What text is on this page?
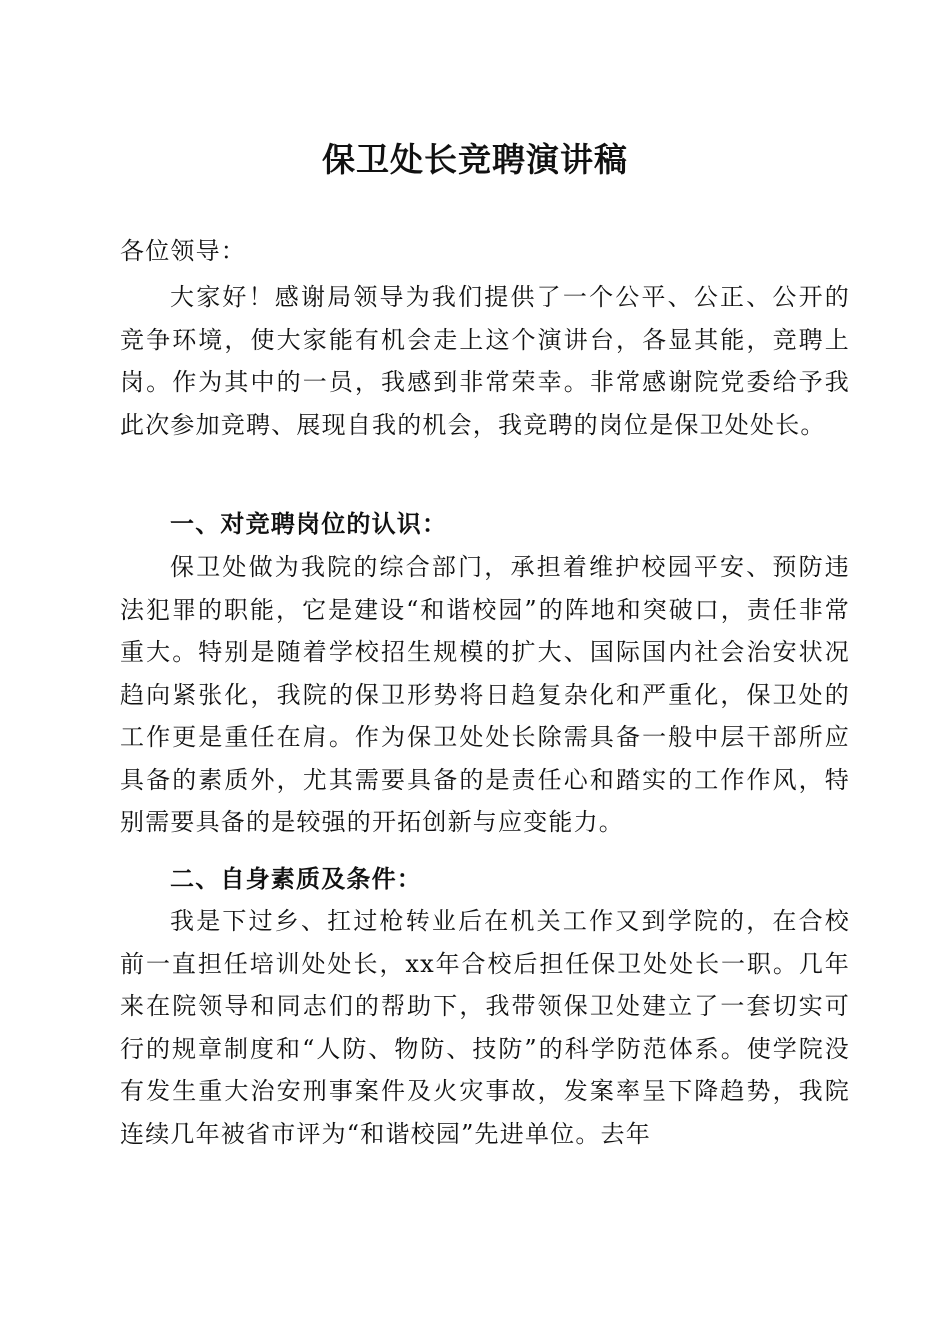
保卫处长竞聘演讲稿
各位领导：
大家好！感谢局领导为我们提供了一个公平、公正、公开的竞争环境，使大家能有机会走上这个演讲台，各显其能，竞聘上岗。作为其中的一员，我感到非常荣幸。非常感谢院党委给予我此次参加竞聘、展现自我的机会，我竞聘的岗位是保卫处处长。
一、对竞聘岗位的认识：
保卫处做为我院的综合部门，承担着维护校园平安、预防违法犯罪的职能，它是建设“和谐校园”的阵地和突破口，责任非常重大。特别是随着学校招生规模的扩大、国际国内社会治安状况趋向紧张化，我院的保卫形势将日趋复杂化和严重化，保卫处的工作更是重任在肩。作为保卫处处长除需具备一般中层干部所应具备的素质外，尤其需要具备的是责任心和踏实的工作作风，特别需要具备的是较强的开拓创新与应变能力。
二、自身素质及条件：
我是下过乡、扛过枪转业后在机关工作又到学院的，在合校前一直担任培训处处长，xx年合校后担任保卫处处长一职。几年来在院领导和同志们的帮助下，我带领保卫处建立了一套切实可行的规章制度和“人防、物防、技防”的科学防范体系。使学院没有发生重大治安刑事案件及火灾事故，发案率呈下降趋势，我院连续几年被省市评为“和谐校园”先进单位。去年
